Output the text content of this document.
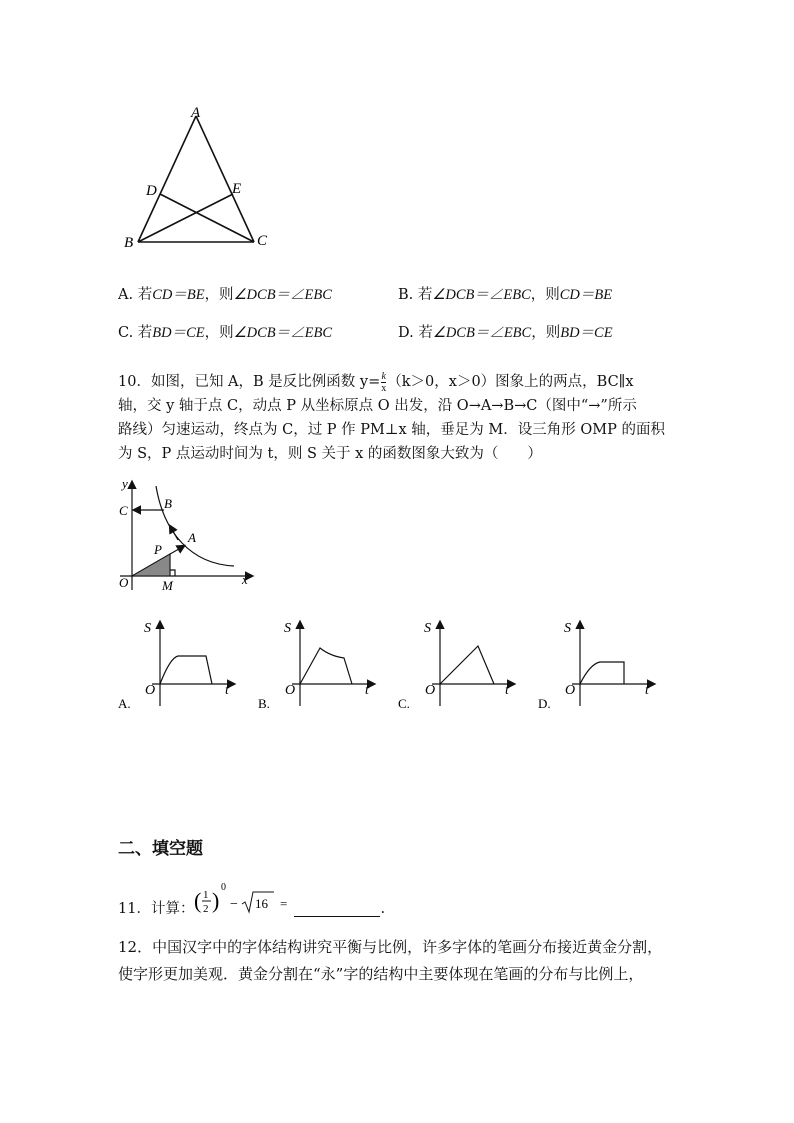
A
D	E
B	C
A. 若CD＝BE，则∠DCB＝∠EBC	B. 若∠DCB＝∠EBC，则CD＝BE
C. 若BD＝CE，则∠DCB＝∠EBC	D. 若∠DCB＝∠EBC，则BD＝CE
10．如图，已知 A，B 是反比例函数 $y= \frac{k}{x} (k>0$，x＞0）图象上的两点，BC∥x
轴，交 y 轴于点 C，动点 P 从坐标原点 O 出发，沿 O→A→B→C（图中“→”所示
路线）匀速运动，终点为 C，过 P 作 PM⊥x 轴，垂足为 M．设三角形 OMP 的面积
为 S，P 点运动时间为 t，则 S 关于 x 的函数图象大致为（　　）
y
x
O
C	B
A
P
M
S
O	t
A.
S
O	t
B.
S
O	t
C.
S
O	t
D.
二、填空题
11．计算： ( 1
2 )
0
− 16 =	.
12．中国汉字中的字体结构讲究平衡与比例，许多字体的笔画分布接近黄金分割，
使字形更加美观．黄金分割在“永”字的结构中主要体现在笔画的分布与比例上，
